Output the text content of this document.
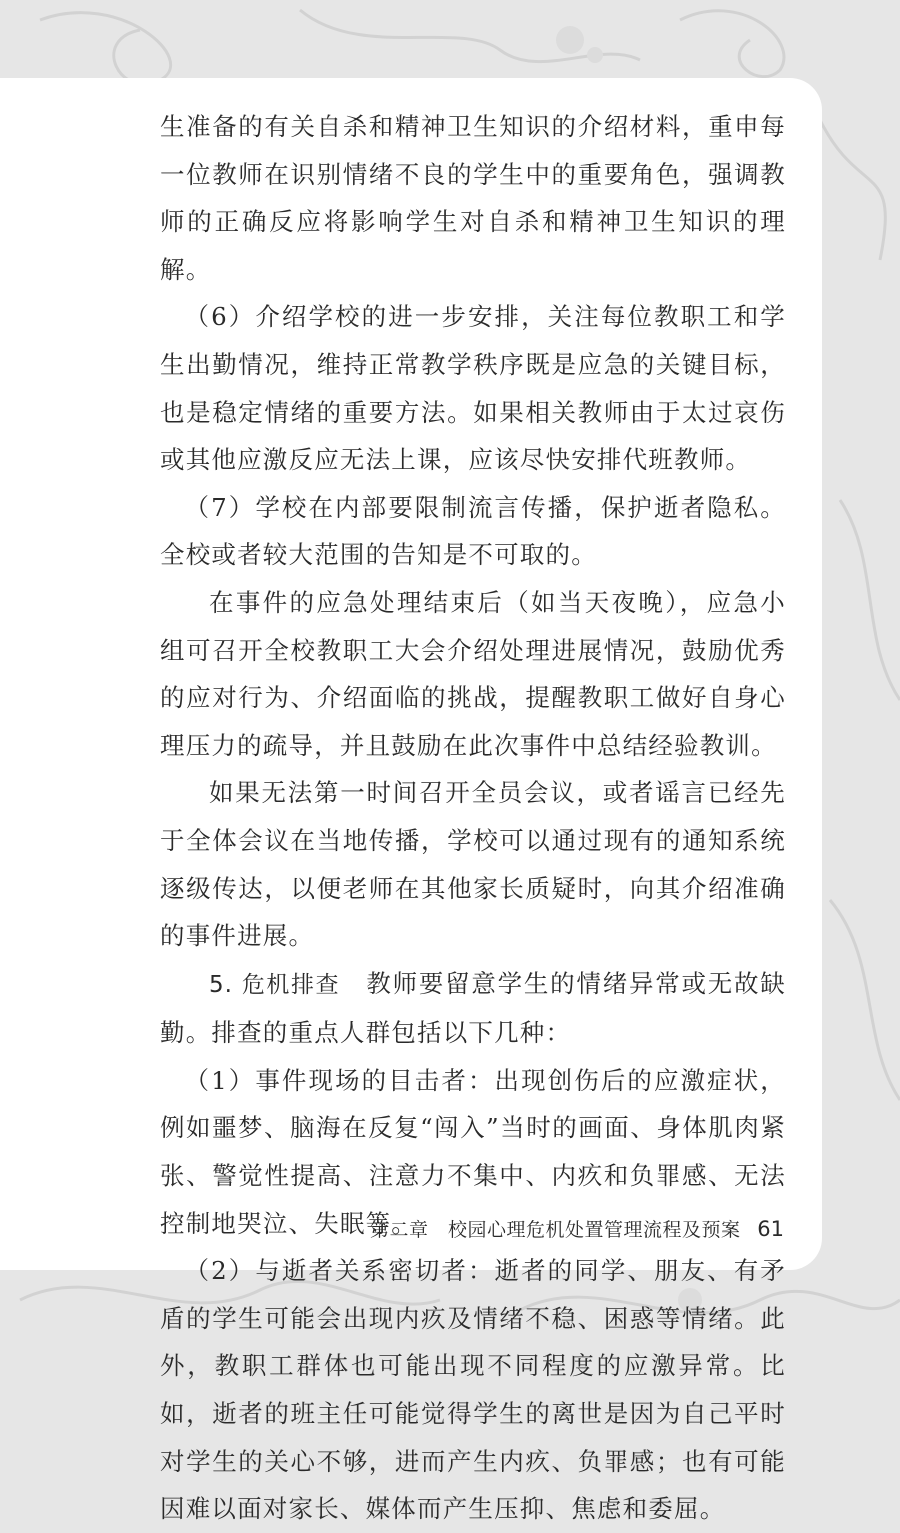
生准备的有关自杀和精神卫生知识的介绍材料，重申每一位教师在识别情绪不良的学生中的重要角色，强调教师的正确反应将影响学生对自杀和精神卫生知识的理解。

（6）介绍学校的进一步安排，关注每位教职工和学生出勤情况，维持正常教学秩序既是应急的关键目标，也是稳定情绪的重要方法。如果相关教师由于太过哀伤或其他应激反应无法上课，应该尽快安排代班教师。

（7）学校在内部要限制流言传播，保护逝者隐私。全校或者较大范围的告知是不可取的。

在事件的应急处理结束后（如当天夜晚），应急小组可召开全校教职工大会介绍处理进展情况，鼓励优秀的应对行为、介绍面临的挑战，提醒教职工做好自身心理压力的疏导，并且鼓励在此次事件中总结经验教训。

如果无法第一时间召开全员会议，或者谣言已经先于全体会议在当地传播，学校可以通过现有的通知系统逐级传达，以便老师在其他家长质疑时，向其介绍准确的事件进展。

5. 危机排查　 教师要留意学生的情绪异常或无故缺勤。排查的重点人群包括以下几种：

（1）事件现场的目击者：出现创伤后的应激症状，例如噩梦、脑海在反复“闯入”当时的画面、身体肌肉紧张、警觉性提高、注意力不集中、内疚和负罪感、无法控制地哭泣、失眠等。

（2）与逝者关系密切者：逝者的同学、朋友、有矛盾的学生可能会出现内疚及情绪不稳、困惑等情绪。此外，教职工群体也可能出现不同程度的应激异常。比如，逝者的班主任可能觉得学生的离世是因为自己平时对学生的关心不够，进而产生内疚、负罪感；也有可能因难以面对家长、媒体而产生压抑、焦虑和委屈。

第二章　校园心理危机处置管理流程及预案 61
